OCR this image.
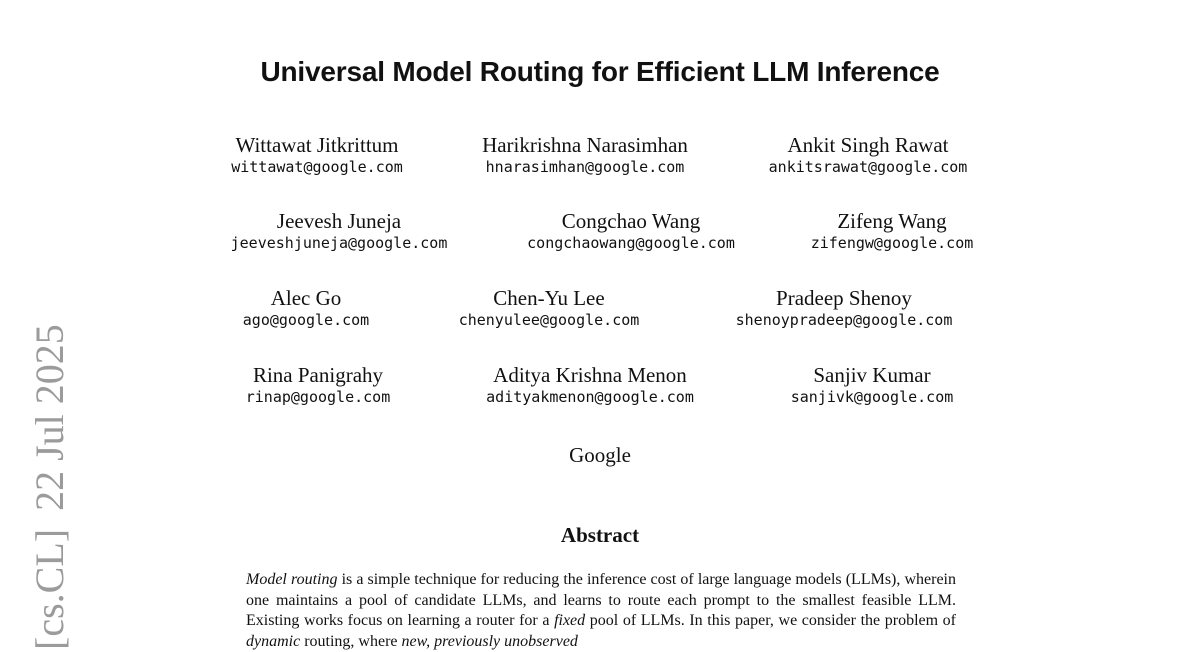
Universal Model Routing for Efficient LLM Inference
Wittawat Jitkrittum
wittawat@google.com
Harikrishna Narasimhan
hnarasimhan@google.com
Ankit Singh Rawat
ankitsrawat@google.com
Jeevesh Juneja
jeeveshjuneja@google.com
Congchao Wang
congchaowang@google.com
Zifeng Wang
zifengw@google.com
Alec Go
ago@google.com
Chen-Yu Lee
chenyulee@google.com
Pradeep Shenoy
shenoypradeep@google.com
Rina Panigrahy
rinap@google.com
Aditya Krishna Menon
adityakmenon@google.com
Sanjiv Kumar
sanjivk@google.com
Google
Abstract
Model routing is a simple technique for reducing the inference cost of large language models (LLMs), wherein one maintains a pool of candidate LLMs, and learns to route each prompt to the smallest feasible LLM. Existing works focus on learning a router for a fixed pool of LLMs. In this paper, we consider the problem of dynamic routing, where new, previously unobserved
[cs.CL]22 Jul 2025
